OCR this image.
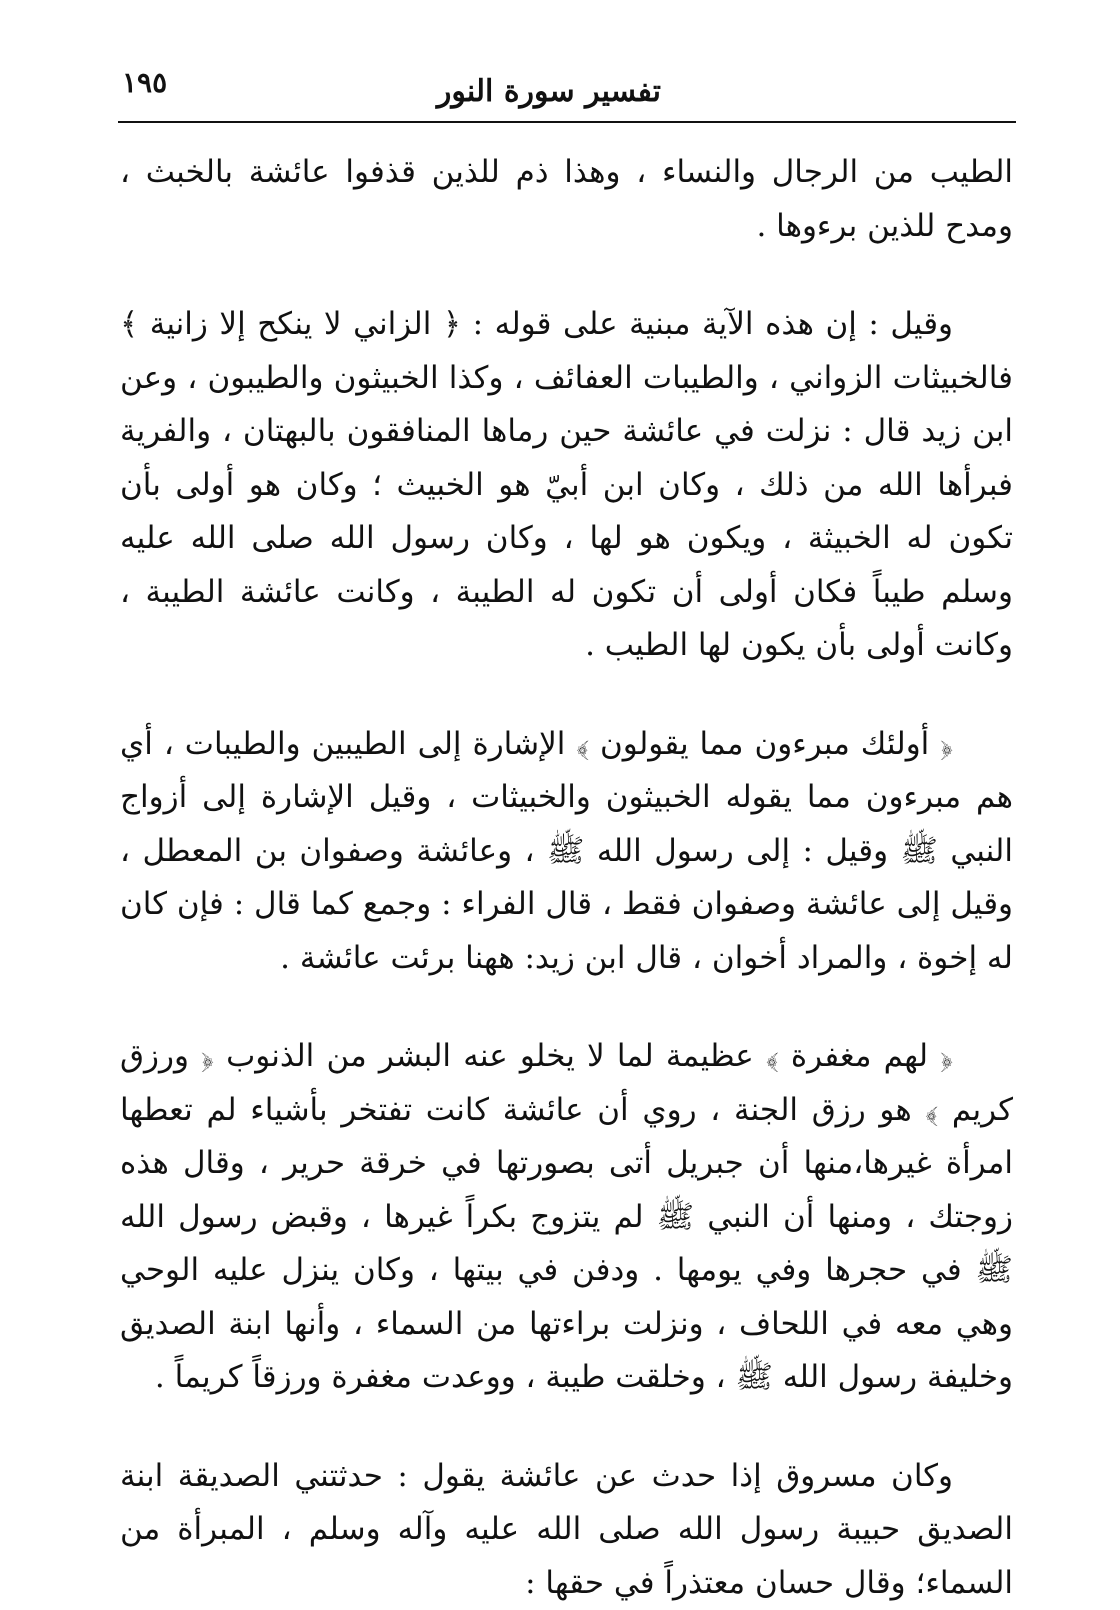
تفسير سورة النور
١٩٥

الطيب من الرجال والنساء ، وهذا ذم للذين قذفوا عائشة بالخبث ، ومدح للذين برءوها .

وقيل : إن هذه الآية مبنية على قوله : ﴿ الزاني لا ينكح إلا زانية ﴾ فالخبيثات الزواني ، والطيبات العفائف ، وكذا الخبيثون والطيبون ، وعن ابن زيد قال : نزلت في عائشة حين رماها المنافقون بالبهتان ، والفرية فبرأها الله من ذلك ، وكان ابن أبيّ هو الخبيث ؛ وكان هو أولى بأن تكون له الخبيثة ، ويكون هو لها ، وكان رسول الله صلى الله عليه وسلم طيباً فكان أولى أن تكون له الطيبة ، وكانت عائشة الطيبة ، وكانت أولى بأن يكون لها الطيب .

﴿ أولئك مبرءون مما يقولون ﴾ الإشارة إلى الطيبين والطيبات ، أي هم مبرءون مما يقوله الخبيثون والخبيثات ، وقيل الإشارة إلى أزواج النبي ﷺ وقيل : إلى رسول الله ﷺ ، وعائشة وصفوان بن المعطل ، وقيل إلى عائشة وصفوان فقط ، قال الفراء : وجمع كما قال : فإن كان له إخوة ، والمراد أخوان ، قال ابن زيد: ههنا برئت عائشة .

﴿ لهم مغفرة ﴾ عظيمة لما لا يخلو عنه البشر من الذنوب ﴿ ورزق كريم ﴾ هو رزق الجنة ، روي أن عائشة كانت تفتخر بأشياء لم تعطها امرأة غيرها،منها أن جبريل أتى بصورتها في خرقة حرير ، وقال هذه زوجتك ، ومنها أن النبي ﷺ لم يتزوج بكراً غيرها ، وقبض رسول الله ﷺ في حجرها وفي يومها . ودفن في بيتها ، وكان ينزل عليه الوحي وهي معه في اللحاف ، ونزلت براءتها من السماء ، وأنها ابنة الصديق وخليفة رسول الله ﷺ ، وخلقت طيبة ، ووعدت مغفرة ورزقاً كريماً .

وكان مسروق إذا حدث عن عائشة يقول : حدثتني الصديقة ابنة الصديق حبيبة رسول الله صلى الله عليه وآله وسلم ، المبرأة من السماء؛ وقال حسان معتذراً في حقها :
